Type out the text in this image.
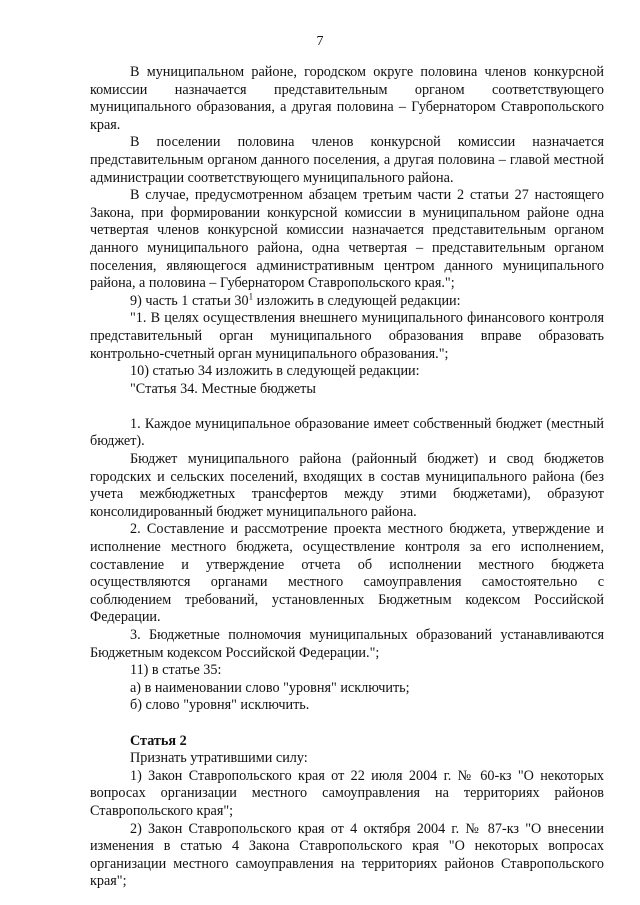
7

В муниципальном районе, городском округе половина членов конкурсной комиссии назначается представительным органом соответствующего муниципального образования, а другая половина – Губернатором Ставропольского края.

В поселении половина членов конкурсной комиссии назначается представительным органом данного поселения, а другая половина – главой местной администрации соответствующего муниципального района.

В случае, предусмотренном абзацем третьим части 2 статьи 27 настоящего Закона, при формировании конкурсной комиссии в муниципальном районе одна четвертая членов конкурсной комиссии назначается представительным органом данного муниципального района, одна четвертая – представительным органом поселения, являющегося административным центром данного муниципального района, а половина – Губернатором Ставропольского края.";

9) часть 1 статьи $30^1$ изложить в следующей редакции:

"1. В целях осуществления внешнего муниципального финансового контроля представительный орган муниципального образования вправе образовать контрольно-счетный орган муниципального образования.";

10) статью 34 изложить в следующей редакции:

"Статья 34. Местные бюджеты

1. Каждое муниципальное образование имеет собственный бюджет (местный бюджет).

Бюджет муниципального района (районный бюджет) и свод бюджетов городских и сельских поселений, входящих в состав муниципального района (без учета межбюджетных трансфертов между этими бюджетами), образуют консолидированный бюджет муниципального района.

2. Составление и рассмотрение проекта местного бюджета, утверждение и исполнение местного бюджета, осуществление контроля за его исполнением, составление и утверждение отчета об исполнении местного бюджета осуществляются органами местного самоуправления самостоятельно с соблюдением требований, установленных Бюджетным кодексом Российской Федерации.

3. Бюджетные полномочия муниципальных образований устанавливаются Бюджетным кодексом Российской Федерации.";

11) в статье 35:

а) в наименовании слово "уровня" исключить;

б) слово "уровня" исключить.

Статья 2

Признать утратившими силу:

1) Закон Ставропольского края от 22 июля 2004 г. № 60-кз "О некоторых вопросах организации местного самоуправления на территориях районов Ставропольского края";

2) Закон Ставропольского края от 4 октября 2004 г. № 87-кз "О внесении изменения в статью 4 Закона Ставропольского края "О некоторых вопросах организации местного самоуправления на территориях районов Ставропольского края";
